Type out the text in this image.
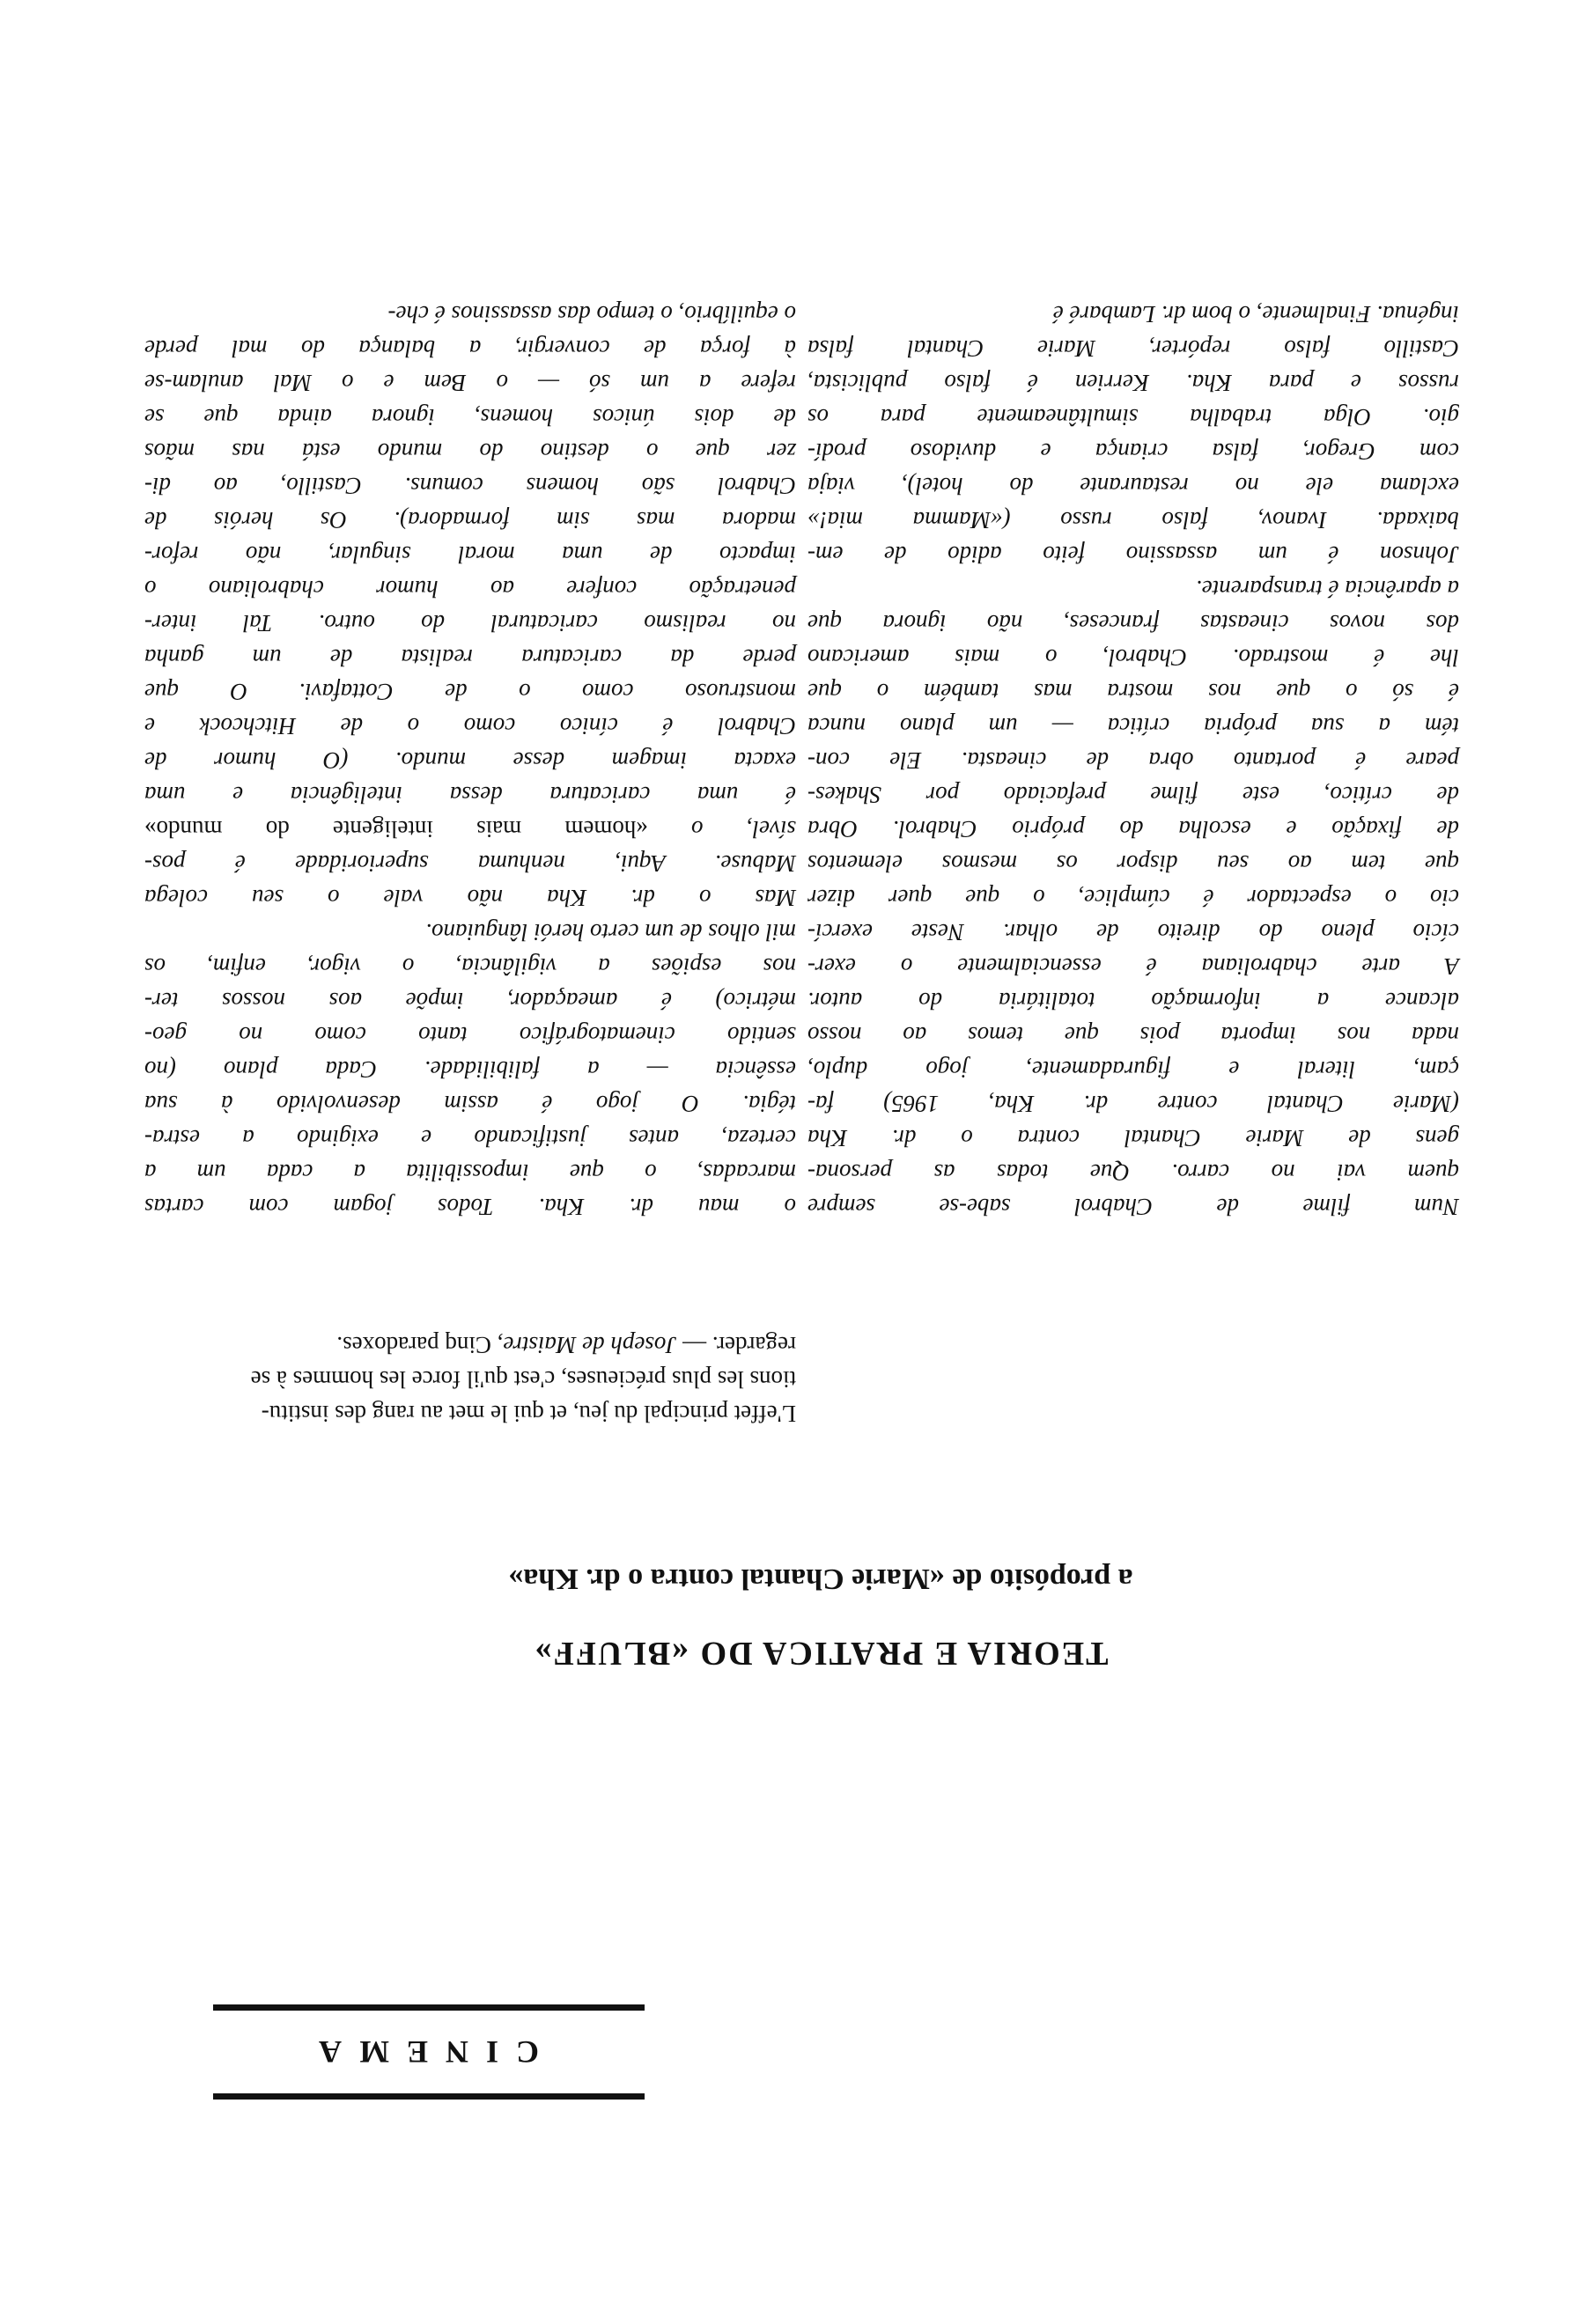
CINEMA
TEORIA E PRATICA DO «BLUFF»
a propósito de «Marie Chantal contra o dr. Kha»
L'effet principal du jeu, et qui le met au rang des institu-
tions les plus précieuses, c'est qu'il force les hommes à se
regarder. — Joseph de Maistre, Cinq paradoxes.
Num filme de Chabrol sabe-se sempre
quem vai no carro. Que todas as persona-
gens de Marie Chantal contra o dr. Kha
(Marie Chantal contre dr. Kha, 1965) fa-
çam, literal e figuradamente, jogo duplo,
nada nos importa pois que temos ao nosso
alcance a informação totalitária do autor.
A arte chabroliana é essencialmente o exer-
cício pleno do direito de olhar. Neste exercí-
cio o espectador é cúmplice, o que quer dizer
que tem ao seu dispor os mesmos elementos
de fixação e escolha do próprio Chabrol. Obra
de crítico, este filme prefaciado por Shakes-
peare é portanto obra de cineasta. Ele con-
tém a sua própria crítica — um plano nunca
é só o que nos mostra mas também o que
lhe é mostrado. Chabrol, o mais americano
dos novos cineastas franceses, não ignora que
a aparência é transparente.
Johnson é um assassino feito adido de em-
baixada. Ivanov, falso russo («Mamma mia!»
exclama ele no restaurante do hotel), viaja
com Gregor, falsa criança e duvidoso prodí-
gio. Olga trabalha simultâneamente para os
russos e para Kha. Kerrien é falso publicista,
Castillo falso repórter, Marie Chantal falsa
ingénua. Finalmente, o bom dr. Lambaré é
o mau dr. Kha. Todos jogam com cartas
marcadas, o que impossibilita a cada um a
certeza, antes justificando e exigindo a estra-
tégia. O jogo é assim desenvolvido à sua
essência — a falibilidade. Cada plano (no
sentido cinematográfico tanto como no geo-
métrico) é ameaçador, impõe aos nossos ter-
nos espiões a vigilância, o vigor, enfim, os
mil olhos de um certo herói lânguiano.
Mas o dr. Kha não vale o seu colega
Mabuse. Aqui, nenhuma superioridade é pos-
sível, o «homem mais inteligente do mundo»
é uma caricatura dessa inteligência e uma
exacta imagem desse mundo. (O humor de
Chabrol é cínico como o de Hitchcock e
monstruoso como o de Cottafavi. O que
perde da caricatura realista de um ganha
no realismo caricatural do outro. Tal inter-
penetração confere ao humor chabroliano o
impacto de uma moral singular, não refor-
madora mas sim formadora). Os heróis de
Chabrol são homens comuns. Castillo, ao di-
zer que o destino do mundo está nas mãos
de dois únicos homens, ignora ainda que se
refere a um só — o Bem e o Mal anulam-se
à força de convergir, a balança do mal perde
o equilíbrio, o tempo das assassinos é che-
